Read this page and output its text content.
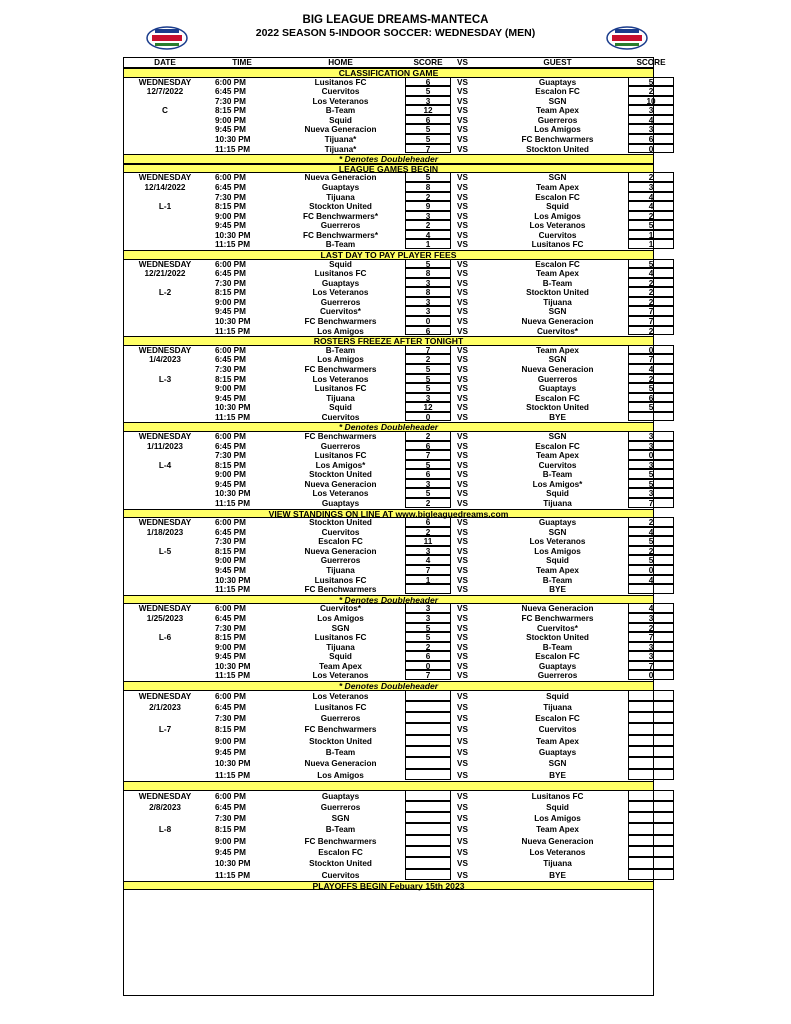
BIG LEAGUE DREAMS-MANTECA
2022 SEASON 5-INDOOR SOCCER: WEDNESDAY (MEN)
DATE	TIME	HOME	SCORE	VS	GUEST	SCORE
CLASSIFICATION GAME
WEDNESDAY	6:00 PM	Lusitanos FC	6	VS	Guaptays	5
12/7/2022	6:45 PM	Cuervitos	5	VS	Escalon FC	2
7:30 PM	Los Veteranos	3	VS	SGN	10
C	8:15 PM	B-Team	12	VS	Team Apex	3
9:00 PM	Squid	6	VS	Guerreros	4
9:45 PM	Nueva Generacion	5	VS	Los Amigos	3
10:30 PM	Tijuana*	5	VS	FC Benchwarmers	6
11:15 PM	Tijuana*	7	VS	Stockton United	0
* Denotes Doubleheader
LEAGUE GAMES BEGIN
WEDNESDAY	6:00 PM	Nueva Generacion	5	VS	SGN	2
12/14/2022	6:45 PM	Guaptays	8	VS	Team Apex	3
7:30 PM	Tijuana	2	VS	Escalon FC	4
L-1	8:15 PM	Stockton United	9	VS	Squid	4
9:00 PM	FC Benchwarmers*	3	VS	Los Amigos	2
9:45 PM	Guerreros	2	VS	Los Veteranos	5
10:30 PM	FC Benchwarmers*	4	VS	Cuervitos	1
11:15 PM	B-Team	1	VS	Lusitanos FC	1
LAST DAY TO PAY PLAYER FEES
WEDNESDAY	6:00 PM	Squid	5	VS	Escalon FC	5
12/21/2022	6:45 PM	Lusitanos FC	8	VS	Team Apex	4
7:30 PM	Guaptays	3	VS	B-Team	2
L-2	8:15 PM	Los Veteranos	8	VS	Stockton United	2
9:00 PM	Guerreros	3	VS	Tijuana	2
9:45 PM	Cuervitos*	3	VS	SGN	7
10:30 PM	FC Benchwarmers	0	VS	Nueva Generacion	7
11:15 PM	Los Amigos	6	VS	Cuervitos*	2
ROSTERS FREEZE AFTER TONIGHT
WEDNESDAY	6:00 PM	B-Team	7	VS	Team Apex	0
1/4/2023	6:45 PM	Los Amigos	2	VS	SGN	7
7:30 PM	FC Benchwarmers	5	VS	Nueva Generacion	4
L-3	8:15 PM	Los Veteranos	5	VS	Guerreros	2
9:00 PM	Lusitanos FC	5	VS	Guaptays	5
9:45 PM	Tijuana	3	VS	Escalon FC	6
10:30 PM	Squid	12	VS	Stockton United	5
11:15 PM	Cuervitos	0	VS	BYE
* Denotes Doubleheader
WEDNESDAY	6:00 PM	FC Benchwarmers	2	VS	SGN	3
1/11/2023	6:45 PM	Guerreros	6	VS	Escalon FC	3
7:30 PM	Lusitanos FC	7	VS	Team Apex	0
L-4	8:15 PM	Los Amigos*	5	VS	Cuervitos	3
9:00 PM	Stockton United	6	VS	B-Team	5
9:45 PM	Nueva Generacion	3	VS	Los Amigos*	5
10:30 PM	Los Veteranos	5	VS	Squid	3
11:15 PM	Guaptays	2	VS	Tijuana	7
VIEW STANDINGS ON LINE AT www.bigleaguedreams.com
WEDNESDAY	6:00 PM	Stockton United	6	VS	Guaptays	2
1/18/2023	6:45 PM	Cuervitos	2	VS	SGN	4
7:30 PM	Escalon FC	11	VS	Los Veteranos	5
L-5	8:15 PM	Nueva Generacion	3	VS	Los Amigos	2
9:00 PM	Guerreros	4	VS	Squid	5
9:45 PM	Tijuana	7	VS	Team Apex	0
10:30 PM	Lusitanos FC	1	VS	B-Team	4
11:15 PM	FC Benchwarmers	VS	BYE
* Denotes Doubleheader
WEDNESDAY	6:00 PM	Cuervitos*	3	VS	Nueva Generacion	4
1/25/2023	6:45 PM	Los Amigos	3	VS	FC Benchwarmers	3
7:30 PM	SGN	5	VS	Cuervitos*	2
L-6	8:15 PM	Lusitanos FC	5	VS	Stockton United	7
9:00 PM	Tijuana	2	VS	B-Team	3
9:45 PM	Squid	6	VS	Escalon FC	3
10:30 PM	Team Apex	0	VS	Guaptays	7
11:15 PM	Los Veteranos	7	VS	Guerreros	0
* Denotes Doubleheader
WEDNESDAY	6:00 PM	Los Veteranos	VS	Squid
2/1/2023	6:45 PM	Lusitanos FC	VS	Tijuana
7:30 PM	Guerreros	VS	Escalon FC
L-7	8:15 PM	FC Benchwarmers	VS	Cuervitos
9:00 PM	Stockton United	VS	Team Apex
9:45 PM	B-Team	VS	Guaptays
10:30 PM	Nueva Generacion	VS	SGN
11:15 PM	Los Amigos	VS	BYE
WEDNESDAY	6:00 PM	Guaptays	VS	Lusitanos FC
2/8/2023	6:45 PM	Guerreros	VS	Squid
7:30 PM	SGN	VS	Los Amigos
L-8	8:15 PM	B-Team	VS	Team Apex
9:00 PM	FC Benchwarmers	VS	Nueva Generacion
9:45 PM	Escalon FC	VS	Los Veteranos
10:30 PM	Stockton United	VS	Tijuana
11:15 PM	Cuervitos	VS	BYE
PLAYOFFS BEGIN Febuary 15th 2023
